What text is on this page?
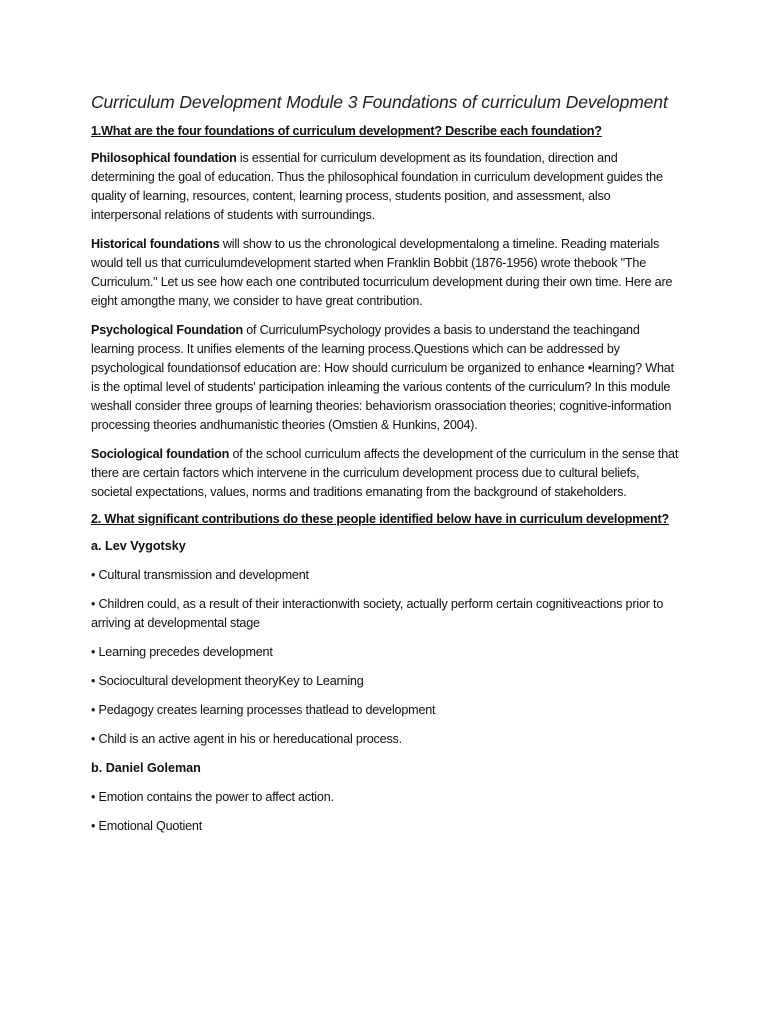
Curriculum Development Module 3 Foundations of curriculum Development
1.What are the four foundations of curriculum development? Describe each foundation?
Philosophical foundation is essential for curriculum development as its foundation, direction and determining the goal of education. Thus the philosophical foundation in curriculum development guides the quality of learning, resources, content, learning process, students position, and assessment, also interpersonal relations of students with surroundings.
Historical foundations will show to us the chronological developmentalong a timeline. Reading materials would tell us that curriculumdevelopment started when Franklin Bobbit (1876-1956) wrote thebook "The Curriculum." Let us see how each one contributed tocurriculum development during their own time. Here are eight amongthe many, we consider to have great contribution.
Psychological Foundation of CurriculumPsychology provides a basis to understand the teachingand learning process. It unifies elements of the learning process.Questions which can be addressed by psychological foundationsof education are: How should curriculum be organized to enhance •learning? What is the optimal level of students' participation inleaming the various contents of the curriculum? In this module weshall consider three groups of learning theories: behaviorism orassociation theories; cognitive-information processing theories andhumanistic theories (Omstien & Hunkins, 2004).
Sociological foundation of the school curriculum affects the development of the curriculum in the sense that there are certain factors which intervene in the curriculum development process due to cultural beliefs, societal expectations, values, norms and traditions emanating from the background of stakeholders.
2. What significant contributions do these people identified below have in curriculum development?
a. Lev Vygotsky
• Cultural transmission and development
• Children could, as a result of their interactionwith society, actually perform certain cognitiveactions prior to arriving at developmental stage
• Learning precedes development
• Sociocultural development theoryKey to Learning
• Pedagogy creates learning processes thatlead to development
• Child is an active agent in his or hereducational process.
b. Daniel Goleman
• Emotion contains the power to affect action.
• Emotional Quotient
